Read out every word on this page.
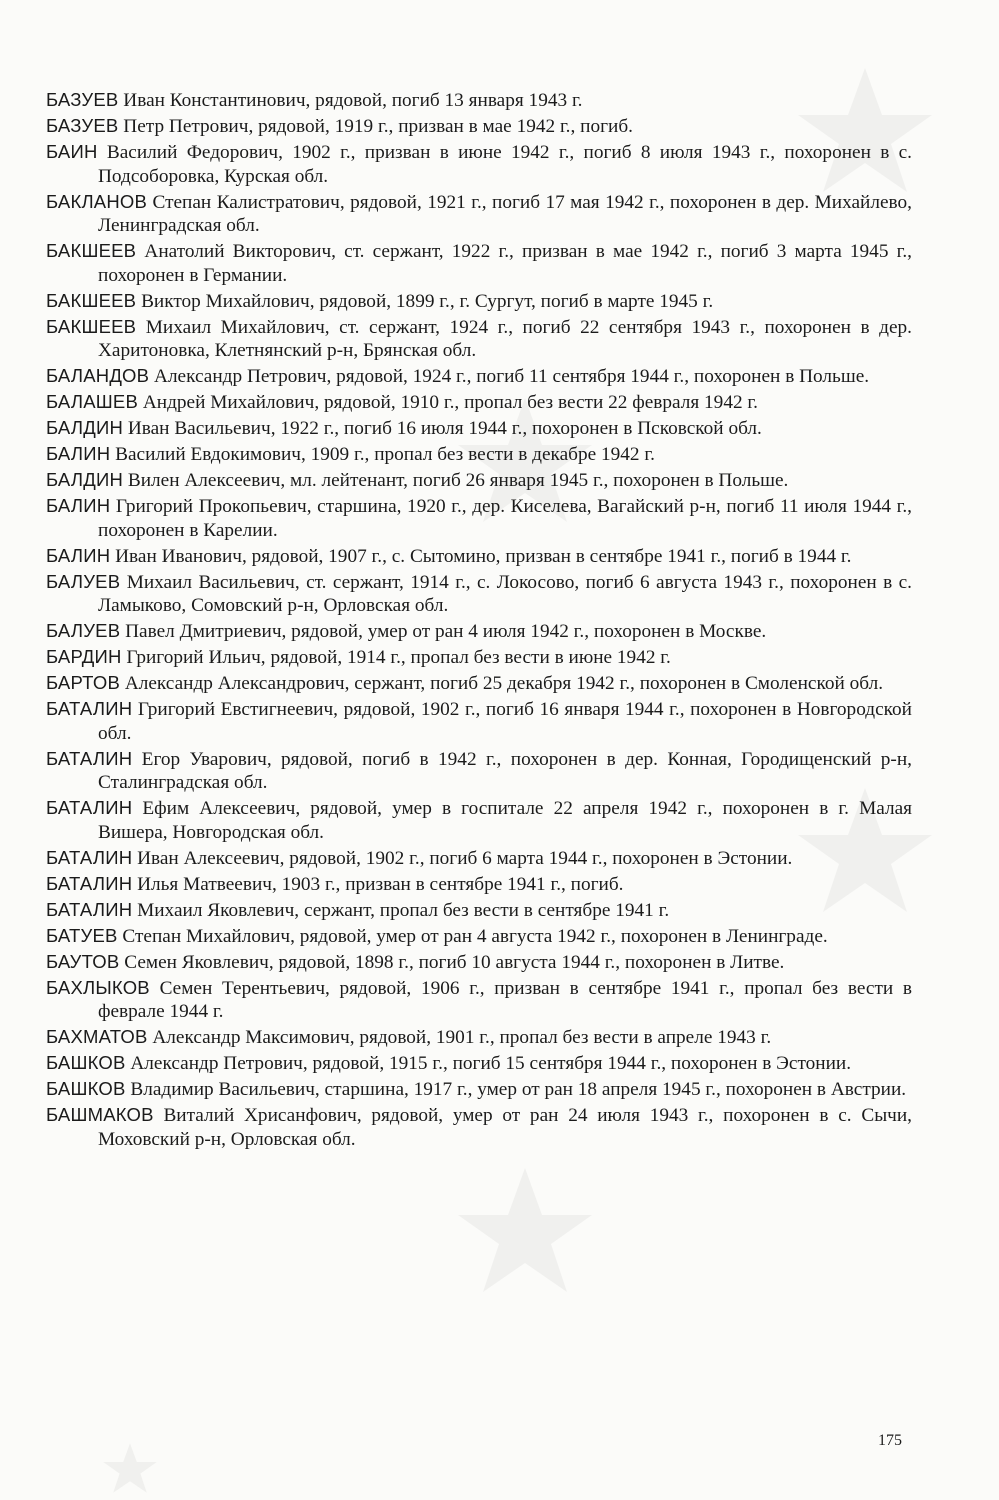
БАЗУЕВ Иван Константинович, рядовой, погиб 13 января 1943 г.

БАЗУЕВ Петр Петрович, рядовой, 1919 г., призван в мае 1942 г., погиб.

БАИН Василий Федорович, 1902 г., призван в июне 1942 г., погиб 8 июля 1943 г., похоронен в с. Подсоборовка, Курская обл.

БАКЛАНОВ Степан Калистратович, рядовой, 1921 г., погиб 17 мая 1942 г., похоронен в дер. Михайлево, Ленинградская обл.

БАКШЕЕВ Анатолий Викторович, ст. сержант, 1922 г., призван в мае 1942 г., погиб 3 марта 1945 г., похоронен в Германии.

БАКШЕЕВ Виктор Михайлович, рядовой, 1899 г., г. Сургут, погиб в марте 1945 г.

БАКШЕЕВ Михаил Михайлович, ст. сержант, 1924 г., погиб 22 сентября 1943 г., похоронен в дер. Харитоновка, Клетнянский р-н, Брянская обл.

БАЛАНДОВ Александр Петрович, рядовой, 1924 г., погиб 11 сентября 1944 г., похоронен в Польше.

БАЛАШЕВ Андрей Михайлович, рядовой, 1910 г., пропал без вести 22 февраля 1942 г.

БАЛДИН Иван Васильевич, 1922 г., погиб 16 июля 1944 г., похоронен в Псковской обл.

БАЛИН Василий Евдокимович, 1909 г., пропал без вести в декабре 1942 г.

БАЛДИН Вилен Алексеевич, мл. лейтенант, погиб 26 января 1945 г., похоронен в Польше.

БАЛИН Григорий Прокопьевич, старшина, 1920 г., дер. Киселева, Вагайский р-н, погиб 11 июля 1944 г., похоронен в Карелии.

БАЛИН Иван Иванович, рядовой, 1907 г., с. Сытомино, призван в сентябре 1941 г., погиб в 1944 г.

БАЛУЕВ Михаил Васильевич, ст. сержант, 1914 г., с. Локосово, погиб 6 августа 1943 г., похоронен в с. Ламыково, Сомовский р-н, Орловская обл.

БАЛУЕВ Павел Дмитриевич, рядовой, умер от ран 4 июля 1942 г., похоронен в Москве.

БАРДИН Григорий Ильич, рядовой, 1914 г., пропал без вести в июне 1942 г.

БАРТОВ Александр Александрович, сержант, погиб 25 декабря 1942 г., похоронен в Смоленской обл.

БАТАЛИН Григорий Евстигнеевич, рядовой, 1902 г., погиб 16 января 1944 г., похоронен в Новгородской обл.

БАТАЛИН Егор Уварович, рядовой, погиб в 1942 г., похоронен в дер. Конная, Городищенский р-н, Сталинградская обл.

БАТАЛИН Ефим Алексеевич, рядовой, умер в госпитале 22 апреля 1942 г., похоронен в г. Малая Вишера, Новгородская обл.

БАТАЛИН Иван Алексеевич, рядовой, 1902 г., погиб 6 марта 1944 г., похоронен в Эстонии.

БАТАЛИН Илья Матвеевич, 1903 г., призван в сентябре 1941 г., погиб.

БАТАЛИН Михаил Яковлевич, сержант, пропал без вести в сентябре 1941 г.

БАТУЕВ Степан Михайлович, рядовой, умер от ран 4 августа 1942 г., похоронен в Ленинграде.

БАУТОВ Семен Яковлевич, рядовой, 1898 г., погиб 10 августа 1944 г., похоронен в Литве.

БАХЛЫКОВ Семен Терентьевич, рядовой, 1906 г., призван в сентябре 1941 г., пропал без вести в феврале 1944 г.

БАХМАТОВ Александр Максимович, рядовой, 1901 г., пропал без вести в апреле 1943 г.

БАШКОВ Александр Петрович, рядовой, 1915 г., погиб 15 сентября 1944 г., похоронен в Эстонии.

БАШКОВ Владимир Васильевич, старшина, 1917 г., умер от ран 18 апреля 1945 г., похоронен в Австрии.

БАШМАКОВ Виталий Хрисанфович, рядовой, умер от ран 24 июля 1943 г., похоронен в с. Сычи, Моховский р-н, Орловская обл.

175
